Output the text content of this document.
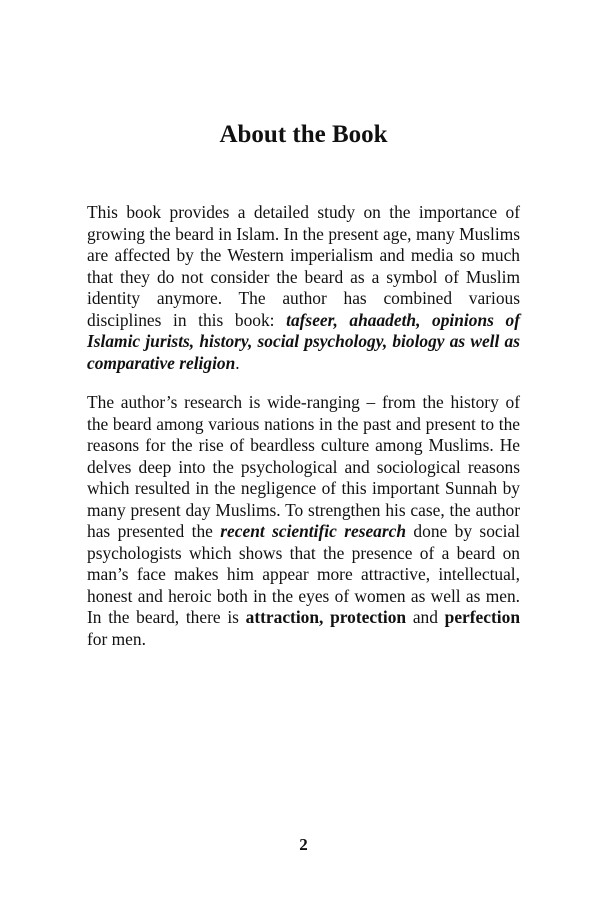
About the Book

This book provides a detailed study on the importance of growing the beard in Islam. In the present age, many Muslims are affected by the Western imperialism and media so much that they do not consider the beard as a symbol of Muslim identity anymore. The author has combined various disciplines in this book: tafseer, ahaadeth, opinions of Islamic jurists, history, social psychology, biology as well as comparative religion.

The author’s research is wide-ranging – from the history of the beard among various nations in the past and present to the reasons for the rise of beardless culture among Muslims. He delves deep into the psychological and sociological reasons which resulted in the negligence of this important Sunnah by many present day Muslims. To strengthen his case, the author has presented the recent scientific research done by social psychologists which shows that the presence of a beard on man’s face makes him appear more attractive, intellectual, honest and heroic both in the eyes of women as well as men. In the beard, there is attraction, protection and perfection for men.

2
